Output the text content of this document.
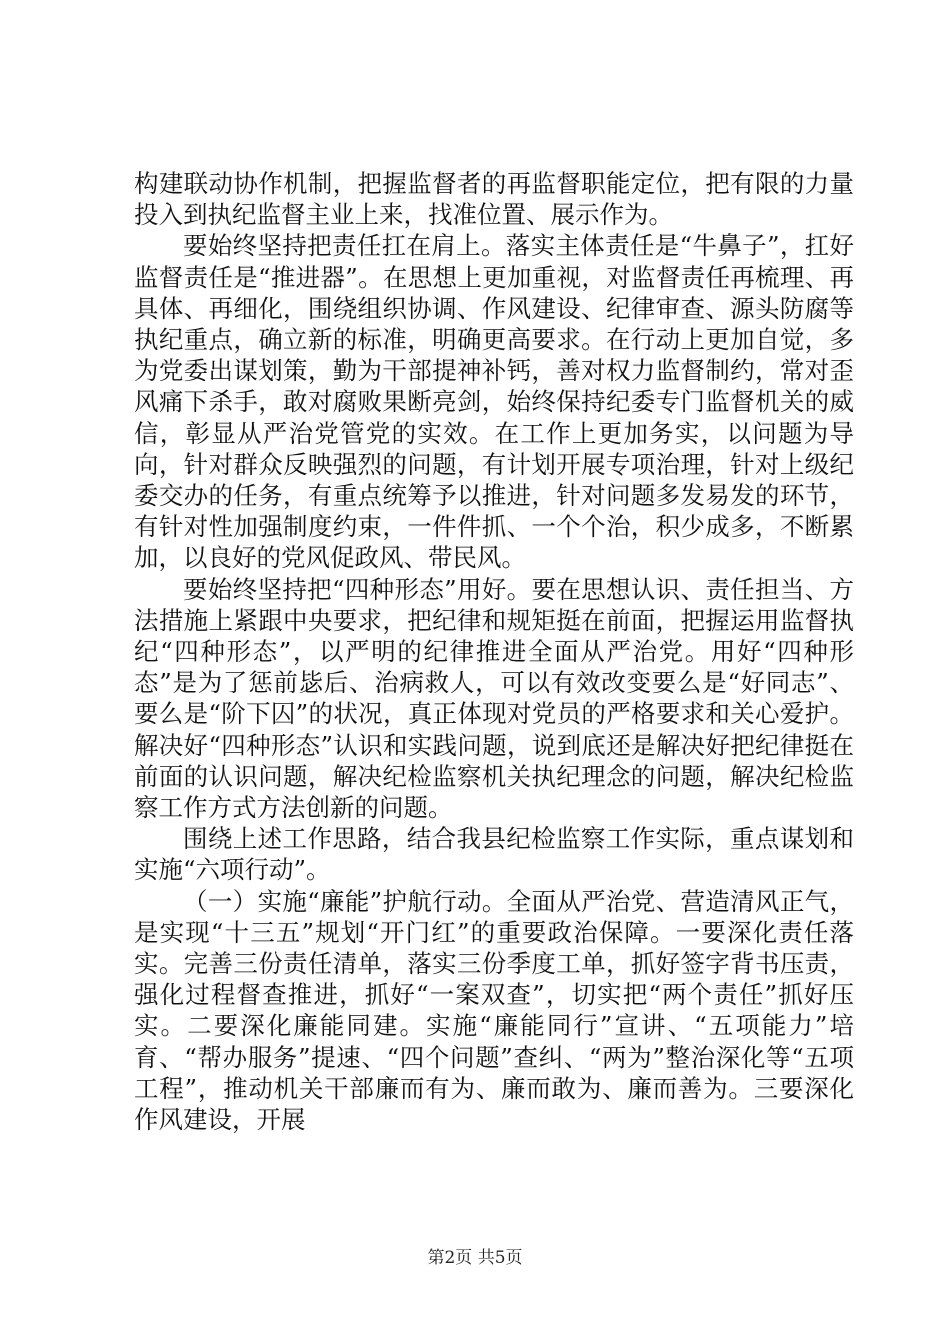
构建联动协作机制，把握监督者的再监督职能定位，把有限的力量投入到执纪监督主业上来，找准位置、展示作为。

要始终坚持把责任扛在肩上。落实主体责任是“牛鼻子”，扛好监督责任是“推进器”。在思想上更加重视，对监督责任再梳理、再具体、再细化，围绕组织协调、作风建设、纪律审查、源头防腐等执纪重点，确立新的标准，明确更高要求。在行动上更加自觉，多为党委出谋划策，勤为干部提神补钙，善对权力监督制约，常对歪风痛下杀手，敢对腐败果断亮剑，始终保持纪委专门监督机关的威信，彰显从严治党管党的实效。在工作上更加务实，以问题为导向，针对群众反映强烈的问题，有计划开展专项治理，针对上级纪委交办的任务，有重点统筹予以推进，针对问题多发易发的环节，有针对性加强制度约束，一件件抓、一个个治，积少成多，不断累加，以良好的党风促政风、带民风。

要始终坚持把“四种形态”用好。要在思想认识、责任担当、方法措施上紧跟中央要求，把纪律和规矩挺在前面，把握运用监督执纪“四种形态”，以严明的纪律推进全面从严治党。用好“四种形态”是为了惩前毖后、治病救人，可以有效改变要么是“好同志”、要么是“阶下囚”的状况，真正体现对党员的严格要求和关心爱护。解决好“四种形态”认识和实践问题，说到底还是解决好把纪律挺在前面的认识问题，解决纪检监察机关执纪理念的问题，解决纪检监察工作方式方法创新的问题。

围绕上述工作思路，结合我县纪检监察工作实际，重点谋划和实施“六项行动”。

（一）实施“廉能”护航行动。全面从严治党、营造清风正气，是实现“十三五”规划“开门红”的重要政治保障。一要深化责任落实。完善三份责任清单，落实三份季度工单，抓好签字背书压责，强化过程督查推进，抓好“一案双查”，切实把“两个责任”抓好压实。二要深化廉能同建。实施“廉能同行”宣讲、“五项能力”培育、“帮办服务”提速、“四个问题”查纠、“两为”整治深化等“五项工程”，推动机关干部廉而有为、廉而敢为、廉而善为。三要深化作风建设，开展

第2页 共5页
